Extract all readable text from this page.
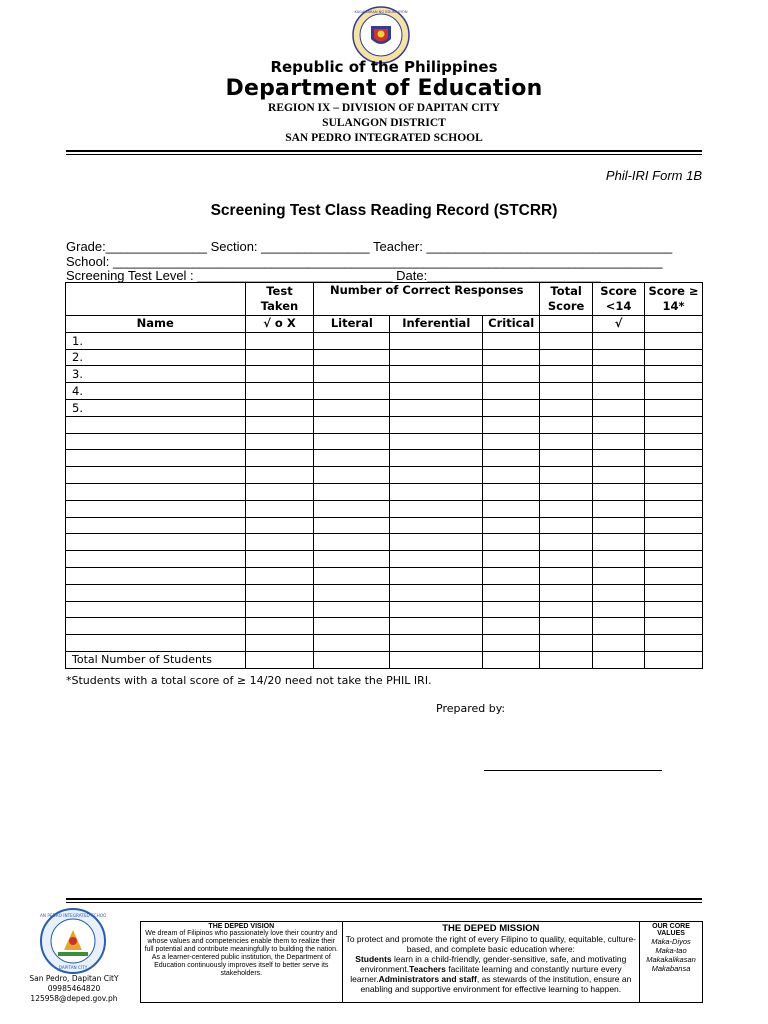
KAGAWARAN NG EDUKASYON
Republic of the Philippines
Department of Education
REGION IX – DIVISION OF DAPITAN CITY
SULANGON DISTRICT
SAN PEDRO INTEGRATED SCHOOL
Phil-IRI Form 1B
Screening Test Class Reading Record (STCRR)
Grade:______________ Section: _______________ Teacher: __________________________________
School: ____________________________________________________________________________
Screening Test Level : ___________________________ Date:________________________
	Test Taken	Number of Correct Responses			Total Score	Score <14	Score ≥ 14*
Name	√ o X	Literal	Inferential	Critical		√	
1.							
2.							
3.							
4.							
5.							

Total Number of Students							
*Students with a total score of ≥ 14/20 need not take the PHIL IRI.
Prepared by:
SAN PEDRO INTEGRATED SCHOOL
DAPITAN CITY
San Pedro, Dapitan CitY
09985464820
125958@deped.gov.ph
THE DEPED VISION
We dream of Filipinos who passionately love their country and whose values and competencies enable them to realize their full potential and contribute meaningfully to building the nation. As a learner-centered public institution, the Department of Education continuously improves itself to better serve its stakeholders.

THE DEPED MISSION
To protect and promote the right of every Filipino to quality, equitable, culture-based, and complete basic education where:
Students learn in a child-friendly, gender-sensitive, safe, and motivating environment.Teachers facilitate learning and constantly nurture every learner.Administrators and staff, as stewards of the institution, ensure an enabling and supportive environment for effective learning to happen.

OUR CORE VALUES
Maka-Diyos
Maka-tao
Makakalikasan
Makabansa
